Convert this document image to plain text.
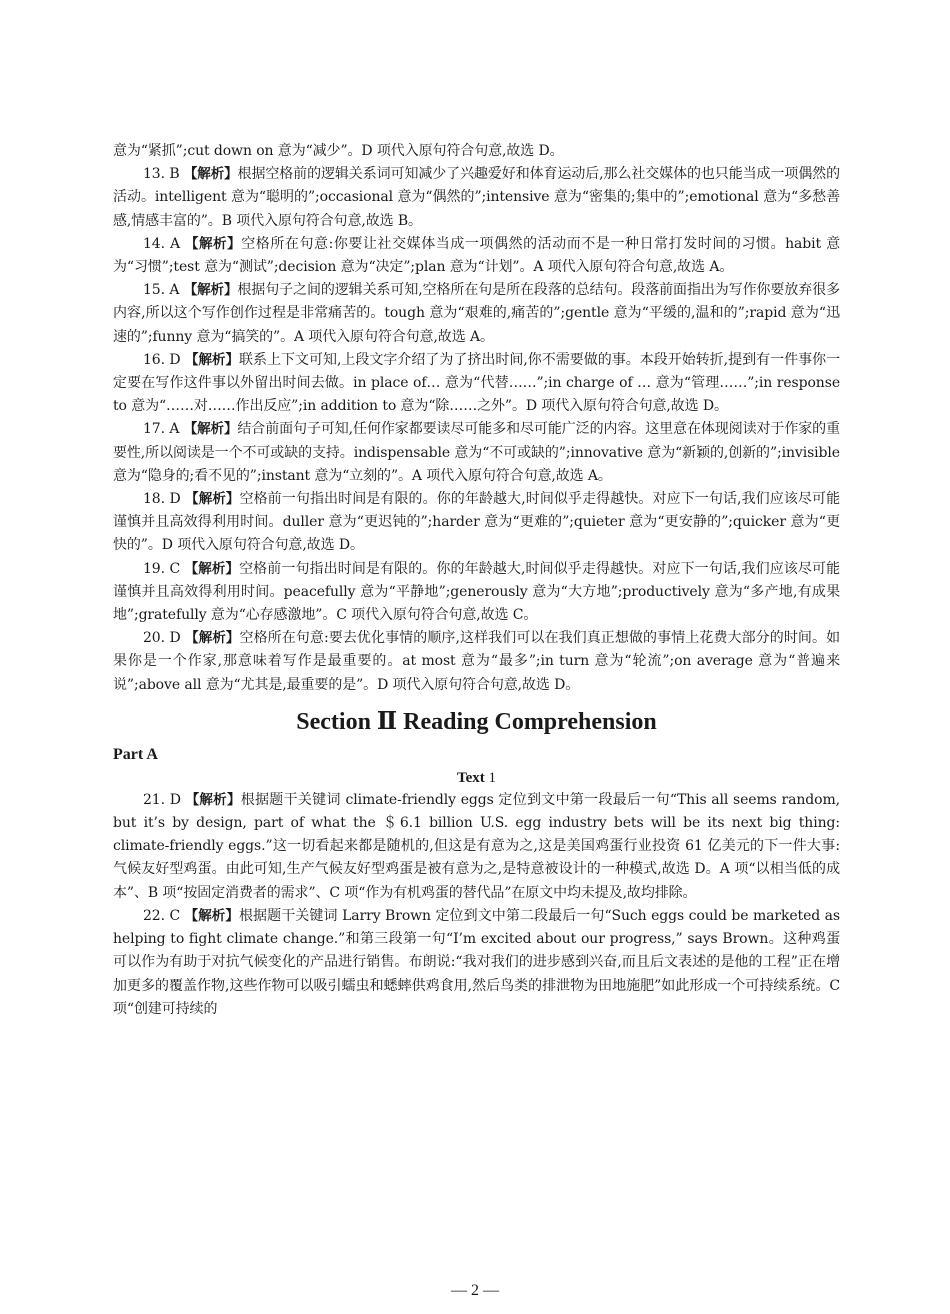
意为“紧抓”;cut down on 意为“减少”。D 项代入原句符合句意,故选 D。

13. B 【解析】根据空格前的逻辑关系词可知减少了兴趣爱好和体育运动后,那么社交媒体的也只能当成一项偶然的活动。intelligent 意为“聪明的”;occasional 意为“偶然的”;intensive 意为“密集的;集中的”;emotional 意为“多愁善感,情感丰富的”。B 项代入原句符合句意,故选 B。

14. A 【解析】空格所在句意:你要让社交媒体当成一项偶然的活动而不是一种日常打发时间的习惯。habit 意为“习惯”;test 意为“测试”;decision 意为“决定”;plan 意为“计划”。A 项代入原句符合句意,故选 A。

15. A 【解析】根据句子之间的逻辑关系可知,空格所在句是所在段落的总结句。段落前面指出为写作你要放弃很多内容,所以这个写作创作过程是非常痛苦的。tough 意为“艰难的,痛苦的”;gentle 意为“平缓的,温和的”;rapid 意为“迅速的”;funny 意为“搞笑的”。A 项代入原句符合句意,故选 A。

16. D 【解析】联系上下文可知,上段文字介绍了为了挤出时间,你不需要做的事。本段开始转折,提到有一件事你一定要在写作这件事以外留出时间去做。in place of… 意为“代替……”;in charge of … 意为“管理……”;in response to 意为“……对……作出反应”;in addition to 意为“除……之外”。D 项代入原句符合句意,故选 D。

17. A 【解析】结合前面句子可知,任何作家都要读尽可能多和尽可能广泛的内容。这里意在体现阅读对于作家的重要性,所以阅读是一个不可或缺的支持。indispensable 意为“不可或缺的”;innovative 意为“新颖的,创新的”;invisible 意为“隐身的;看不见的”;instant 意为“立刻的”。A 项代入原句符合句意,故选 A。

18. D 【解析】空格前一句指出时间是有限的。你的年龄越大,时间似乎走得越快。对应下一句话,我们应该尽可能谨慎并且高效得利用时间。duller 意为“更迟钝的”;harder 意为“更难的”;quieter 意为“更安静的”;quicker 意为“更快的”。D 项代入原句符合句意,故选 D。

19. C 【解析】空格前一句指出时间是有限的。你的年龄越大,时间似乎走得越快。对应下一句话,我们应该尽可能谨慎并且高效得利用时间。peacefully 意为“平静地”;generously 意为“大方地”;productively 意为“多产地,有成果地”;gratefully 意为“心存感激地”。C 项代入原句符合句意,故选 C。

20. D 【解析】空格所在句意:要去优化事情的顺序,这样我们可以在我们真正想做的事情上花费大部分的时间。如果你是一个作家,那意味着写作是最重要的。at most 意为“最多”;in turn 意为“轮流”;on average 意为“普遍来说”;above all 意为“尤其是,最重要的是”。D 项代入原句符合句意,故选 D。

Section Ⅱ Reading Comprehension
Part A
Text 1

21. D 【解析】根据题干关键词 climate-friendly eggs 定位到文中第一段最后一句“This all seems random, but it’s by design, part of what the ＄6.1 billion U.S. egg industry bets will be its next big thing: climate-friendly eggs.”这一切看起来都是随机的,但这是有意为之,这是美国鸡蛋行业投资 61 亿美元的下一件大事:气候友好型鸡蛋。由此可知,生产气候友好型鸡蛋是被有意为之,是特意被设计的一种模式,故选 D。A 项“以相当低的成本”、B 项“按固定消费者的需求”、C 项“作为有机鸡蛋的替代品”在原文中均未提及,故均排除。

22. C 【解析】根据题干关键词 Larry Brown 定位到文中第二段最后一句“Such eggs could be marketed as helping to fight climate change.”和第三段第一句“I’m excited about our progress,” says Brown。这种鸡蛋可以作为有助于对抗气候变化的产品进行销售。布朗说:“我对我们的进步感到兴奋,而且后文表述的是他的工程”正在增加更多的覆盖作物,这些作物可以吸引蠕虫和蟋蟀供鸡食用,然后鸟类的排泄物为田地施肥”如此形成一个可持续系统。C 项“创建可持续的

— 2 —
